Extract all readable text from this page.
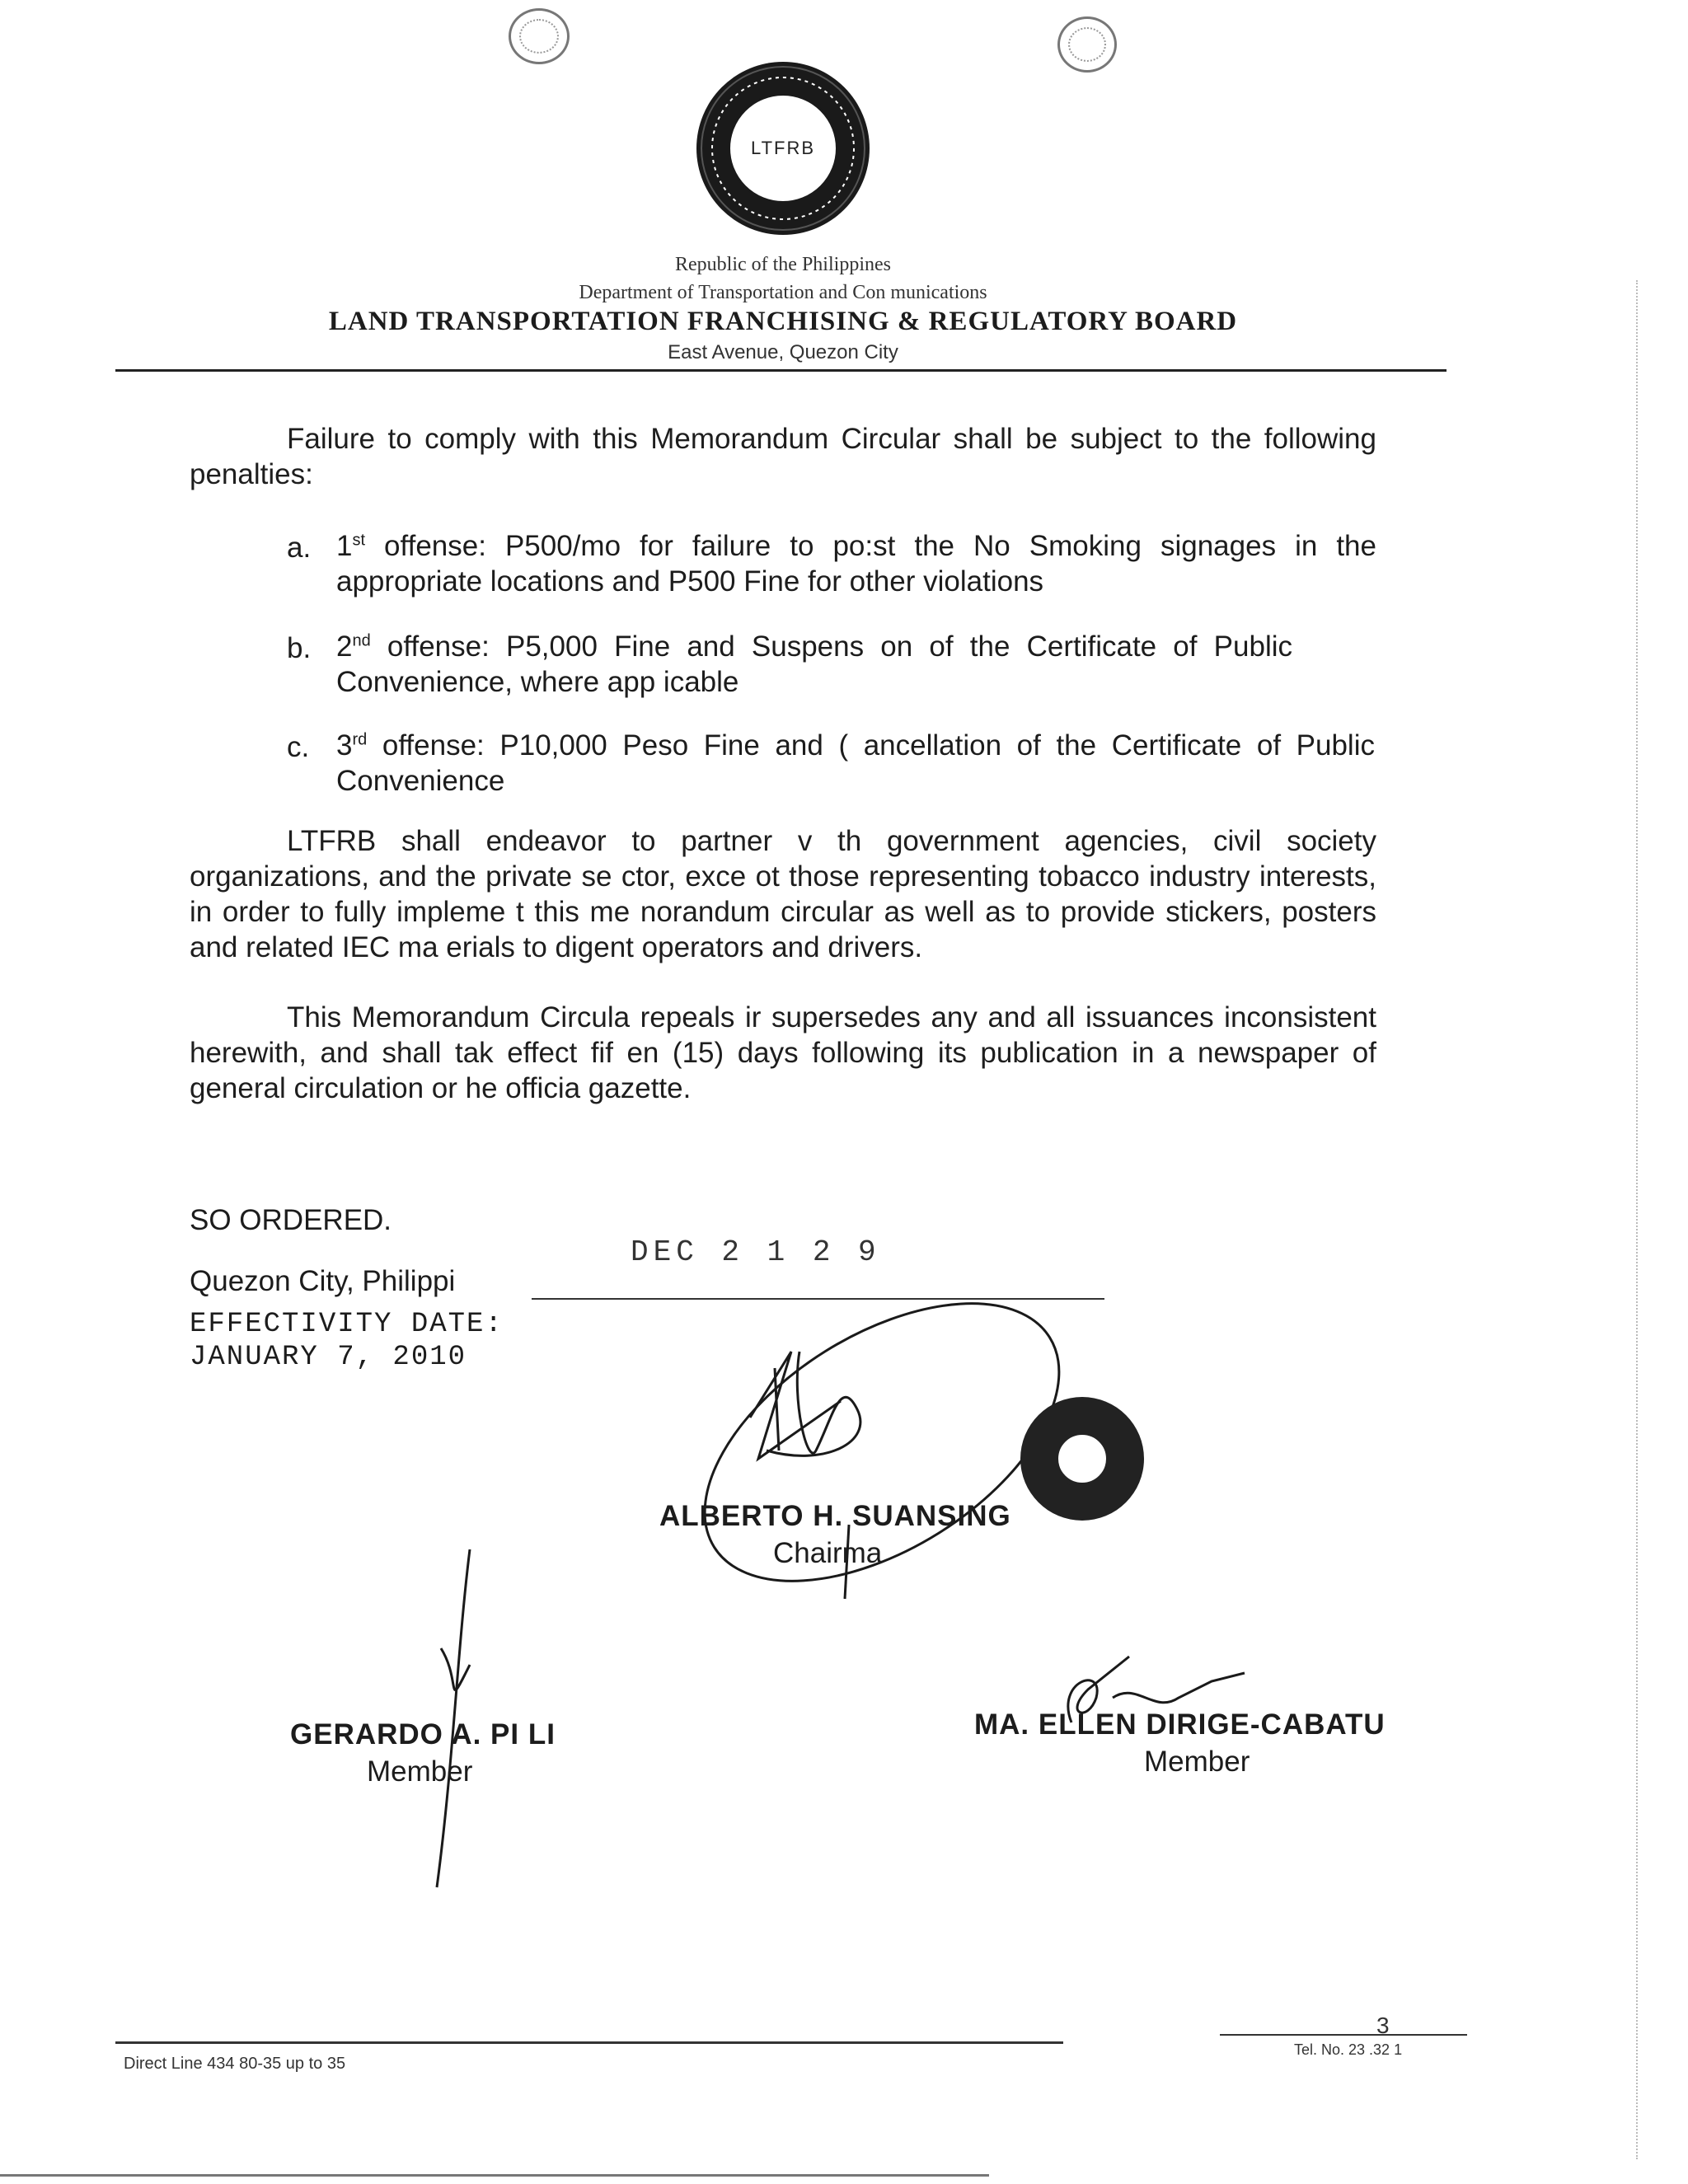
LTFRB
Republic of the Philippines
Department of Transportation and Con munications
LAND TRANSPORTATION FRANCHISING & REGULATORY BOARD
East Avenue, Quezon City
Failure to comply with this Memorandum Circular shall be subject to the following penalties:
a. 1st offense: P500/mo for failure to po:st the No Smoking signages in the appropriate locations and P500 Fine for other violations
b. 2nd offense: P5,000 Fine and Suspens on of the Certificate of Public Convenience, where app icable
c. 3rd offense: P10,000 Peso Fine and ( ancellation of the Certificate of Public Convenience
LTFRB shall endeavor to partner v th government agencies, civil society organizations, and the private se ctor, exce ot those representing tobacco industry interests, in order to fully impleme t this me norandum circular as well as to provide stickers, posters and related IEC ma erials to digent operators and drivers.
This Memorandum Circula repeals ir supersedes any and all issuances inconsistent herewith, and shall tak effect fif en (15) days following its publication in a newspaper of general circulation or he officia gazette.
SO ORDERED.
Quezon City, Philippi
DEC 2 1 2 9
EFFECTIVITY DATE:
JANUARY 7, 2010
ALBERTO H. SUANSING
Chairma
GERARDO A. PI LI
Member
MA. ELLEN DIRIGE-CABATU
Member
Direct Line 434 80-35 up to 35
3
Tel. No. 23 .32 1
